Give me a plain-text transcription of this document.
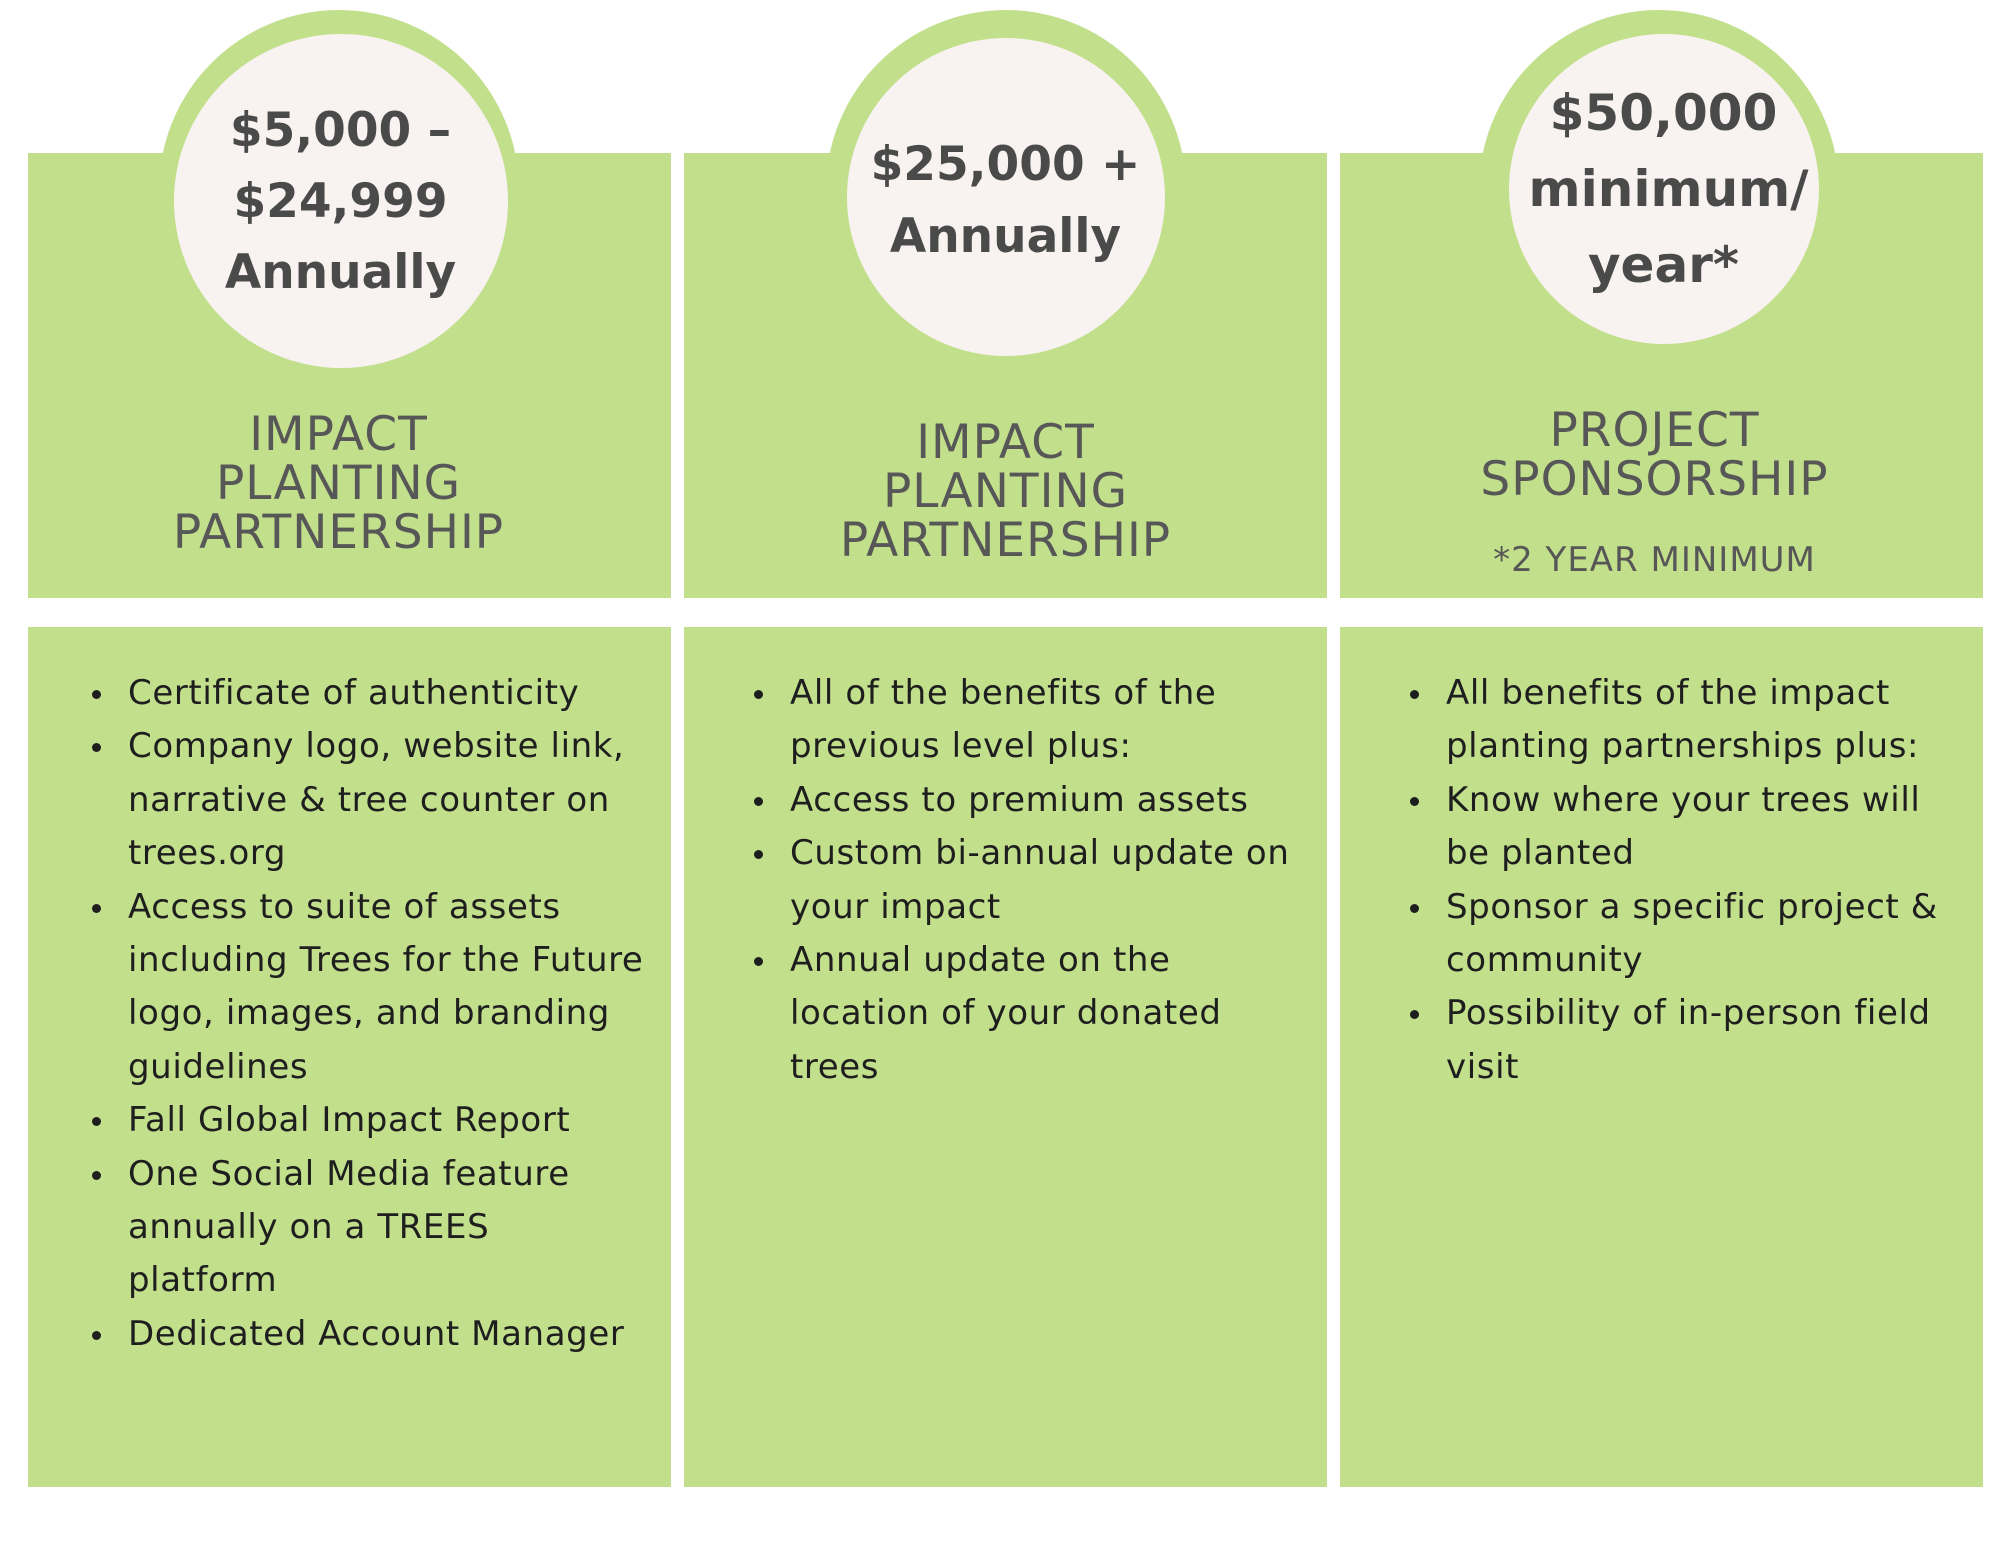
$5,000 –
$24,999
Annually
IMPACT
PLANTING
PARTNERSHIP
Certificate of authenticity
Company logo, website link, narrative & tree counter on trees.org
Access to suite of assets including Trees for the Future logo, images, and branding guidelines
Fall Global Impact Report
One Social Media feature annually on a TREES platform
Dedicated Account Manager
$25,000 +
Annually
IMPACT
PLANTING
PARTNERSHIP
All of the benefits of the previous level plus:
Access to premium assets
Custom bi-annual update on your impact
Annual update on the location of your donated trees
$50,000
minimum/
year*
PROJECT
SPONSORSHIP
*2 YEAR MINIMUM
All benefits of the impact planting partnerships plus:
Know where your trees will be planted
Sponsor a specific project & community
Possibility of in-person field visit
